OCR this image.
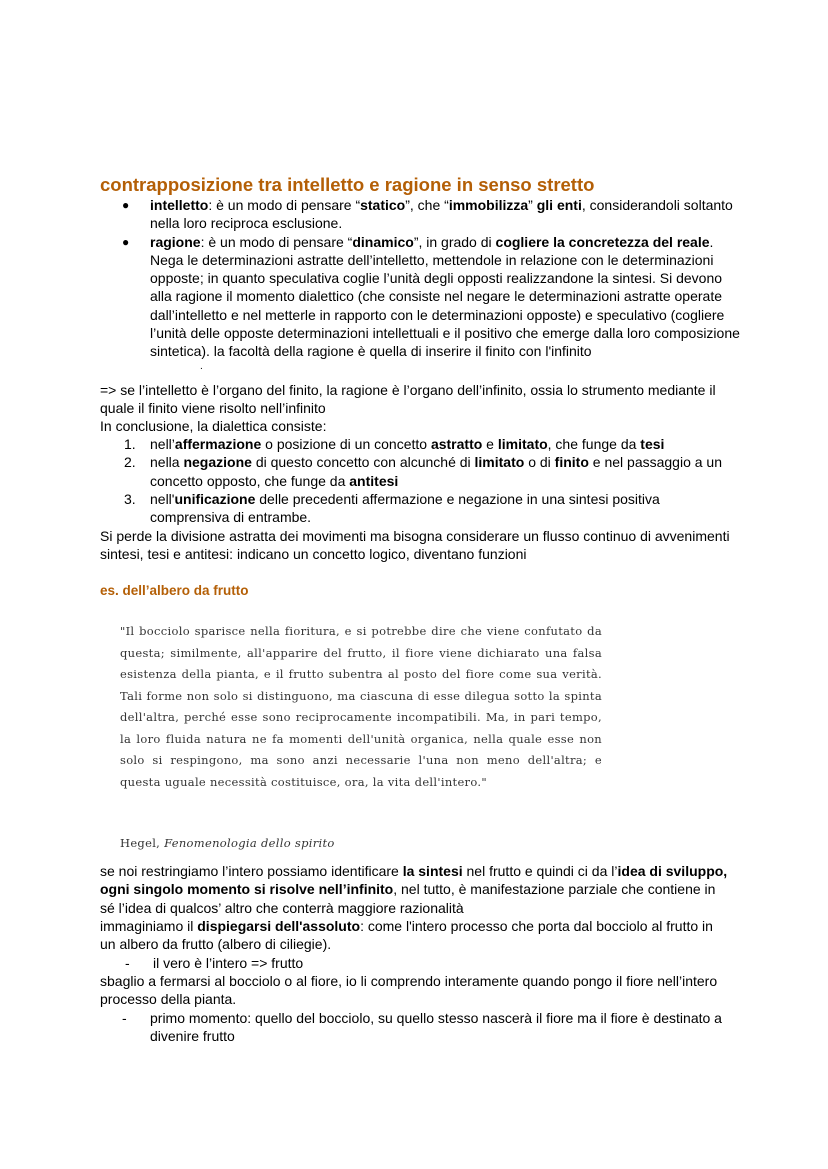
contrapposizione tra intelletto e ragione in senso stretto
● intelletto: è un modo di pensare “statico”, che “immobilizza” gli enti, considerandoli soltanto nella loro reciproca esclusione.
● ragione: è un modo di pensare “dinamico”, in grado di cogliere la concretezza del reale. Nega le determinazioni astratte dell’intelletto, mettendole in relazione con le determinazioni opposte; in quanto speculativa coglie l’unità degli opposti realizzandone la sintesi. Si devono alla ragione il momento dialettico (che consiste nel negare le determinazioni astratte operate dall’intelletto e nel metterle in rapporto con le determinazioni opposte) e speculativo (cogliere l’unità delle opposte determinazioni intellettuali e il positivo che emerge dalla loro composizione sintetica). la facoltà della ragione è quella di inserire il finito con l'infinito
.

=> se l’intelletto è l’organo del finito, la ragione è l’organo dell’infinito, ossia lo strumento mediante il quale il finito viene risolto nell’infinito

In conclusione, la dialettica consiste:

1. nell’affermazione o posizione di un concetto astratto e limitato, che funge da tesi
2. nella negazione di questo concetto con alcunché di limitato o di finito e nel passaggio a un concetto opposto, che funge da antitesi
3. nell'unificazione delle precedenti affermazione e negazione in una sintesi positiva comprensiva di entrambe.

Si perde la divisione astratta dei movimenti ma bisogna considerare un flusso continuo di avvenimenti sintesi, tesi e antitesi: indicano un concetto logico, diventano funzioni

es. dell’albero da frutto

"Il bocciolo sparisce nella fioritura, e si potrebbe dire che viene confutato da questa; similmente, all'apparire del frutto, il fiore viene dichiarato una falsa esistenza della pianta, e il frutto subentra al posto del fiore come sua verità. Tali forme non solo si distinguono, ma ciascuna di esse dilegua sotto la spinta dell'altra, perché esse sono reciprocamente incompatibili. Ma, in pari tempo, la loro fluida natura ne fa momenti dell'unità organica, nella quale esse non solo si respingono, ma sono anzi necessarie l'una non meno dell'altra; e questa uguale necessità costituisce, ora, la vita dell'intero."

Hegel, Fenomenologia dello spirito

se noi restringiamo l’intero possiamo identificare la sintesi nel frutto e quindi ci da l’idea di sviluppo, ogni singolo momento si risolve nell’infinito, nel tutto, è manifestazione parziale che contiene in sé l’idea di qualcos’ altro che conterrà maggiore razionalità

immaginiamo il dispiegarsi dell'assoluto: come l'intero processo che porta dal bocciolo al frutto in un albero da frutto (albero di ciliegie).

- il vero è l’intero => frutto

sbaglio a fermarsi al bocciolo o al fiore, io li comprendo interamente quando pongo il fiore nell’intero processo della pianta.

- primo momento: quello del bocciolo, su quello stesso nascerà il fiore ma il fiore è destinato a divenire frutto
